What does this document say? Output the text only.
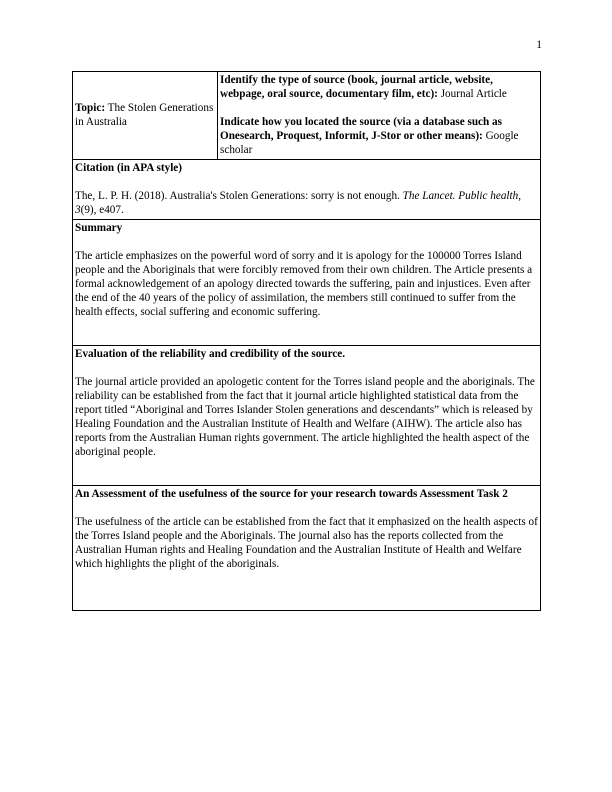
1
Topic: The Stolen Generations in Australia	

Identify the type of source (book, journal article, website, webpage, oral source, documentary film, etc): Journal Article

Indicate how you located the source (via a database such as Onesearch, Proquest, Informit, J-Stor or other means): Google scholar

Citation (in APA style)

The, L. P. H. (2018). Australia's Stolen Generations: sorry is not enough. The Lancet. Public health, 3(9), e407.

Summary

The article emphasizes on the powerful word of sorry and it is apology for the 100000 Torres Island people and the Aboriginals that were forcibly removed from their own children. The Article presents a formal acknowledgement of an apology directed towards the suffering, pain and injustices. Even after the end of the 40 years of the policy of assimilation, the members still continued to suffer from the health effects, social suffering and economic suffering.

Evaluation of the reliability and credibility of the source.

The journal article provided an apologetic content for the Torres island people and the aboriginals. The reliability can be established from the fact that it journal article highlighted statistical data from the report titled “Aboriginal and Torres Islander Stolen generations and descendants” which is released by Healing Foundation and the Australian Institute of Health and Welfare (AIHW). The article also has reports from the Australian Human rights government. The article highlighted the health aspect of the aboriginal people.

An Assessment of the usefulness of the source for your research towards Assessment Task 2

The usefulness of the article can be established from the fact that it emphasized on the health aspects of the Torres Island people and the Aboriginals. The journal also has the reports collected from the Australian Human rights and Healing Foundation and the Australian Institute of Health and Welfare which highlights the plight of the aboriginals.
